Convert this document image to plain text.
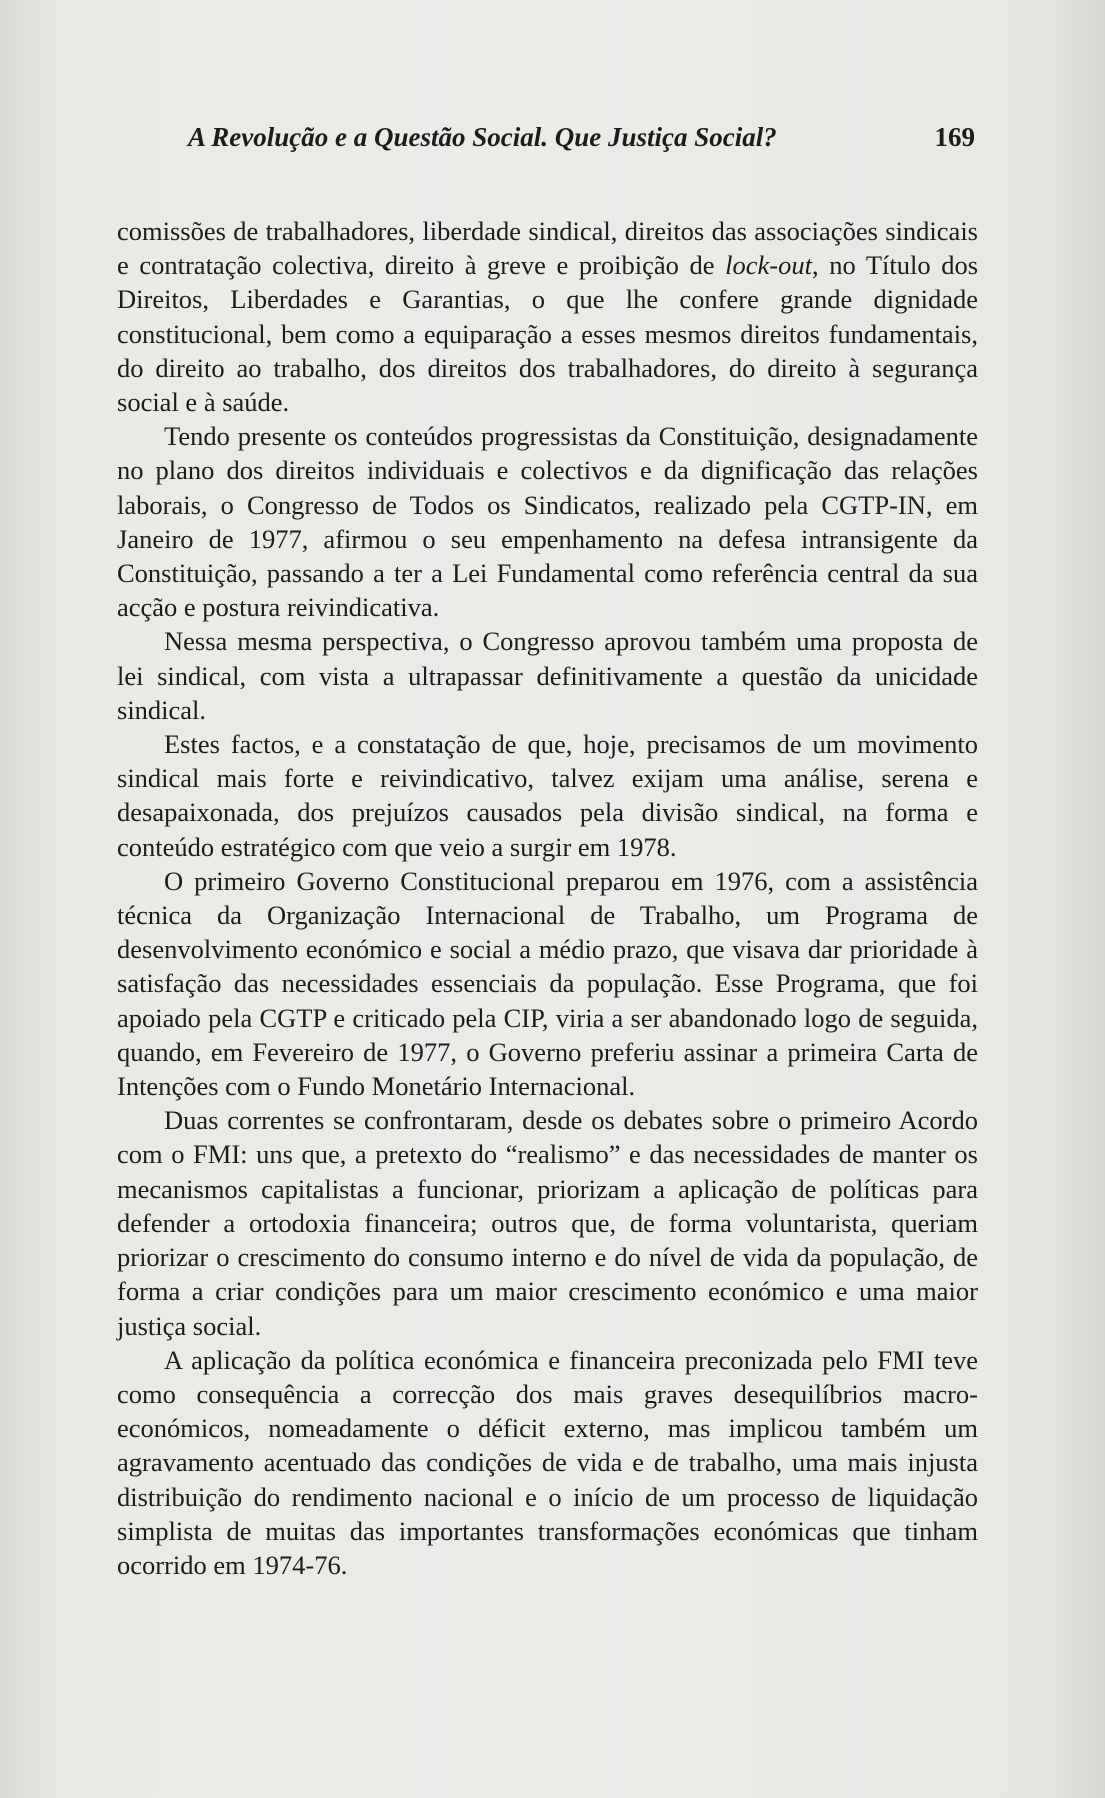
A Revolução e a Questão Social. Que Justiça Social?	169

comissões de trabalhadores, liberdade sindical, direitos das associações sindicais e contratação colectiva, direito à greve e proibição de lock-out, no Título dos Direitos, Liberdades e Garantias, o que lhe confere grande dignidade constitucional, bem como a equiparação a esses mesmos direitos fundamentais, do direito ao trabalho, dos direitos dos trabalhadores, do direito à segurança social e à saúde.

Tendo presente os conteúdos progressistas da Constituição, designadamente no plano dos direitos individuais e colectivos e da dignificação das relações laborais, o Congresso de Todos os Sindicatos, realizado pela CGTP-IN, em Janeiro de 1977, afirmou o seu empenhamento na defesa intransigente da Constituição, passando a ter a Lei Fundamental como referência central da sua acção e postura reivindicativa.

Nessa mesma perspectiva, o Congresso aprovou também uma proposta de lei sindical, com vista a ultrapassar definitivamente a questão da unicidade sindical.

Estes factos, e a constatação de que, hoje, precisamos de um movimento sindical mais forte e reivindicativo, talvez exijam uma análise, serena e desapaixonada, dos prejuízos causados pela divisão sindical, na forma e conteúdo estratégico com que veio a surgir em 1978.

O primeiro Governo Constitucional preparou em 1976, com a assistência técnica da Organização Internacional de Trabalho, um Programa de desenvolvimento económico e social a médio prazo, que visava dar prioridade à satisfação das necessidades essenciais da população. Esse Programa, que foi apoiado pela CGTP e criticado pela CIP, viria a ser abandonado logo de seguida, quando, em Fevereiro de 1977, o Governo preferiu assinar a primeira Carta de Intenções com o Fundo Monetário Internacional.

Duas correntes se confrontaram, desde os debates sobre o primeiro Acordo com o FMI: uns que, a pretexto do “realismo” e das necessidades de manter os mecanismos capitalistas a funcionar, priorizam a aplicação de políticas para defender a ortodoxia financeira; outros que, de forma voluntarista, queriam priorizar o crescimento do consumo interno e do nível de vida da população, de forma a criar condições para um maior crescimento económico e uma maior justiça social.

A aplicação da política económica e financeira preconizada pelo FMI teve como consequência a correcção dos mais graves desequilíbrios macro-económicos, nomeadamente o déficit externo, mas implicou também um agravamento acentuado das condições de vida e de trabalho, uma mais injusta distribuição do rendimento nacional e o início de um processo de liquidação simplista de muitas das importantes transformações económicas que tinham ocorrido em 1974-76.
